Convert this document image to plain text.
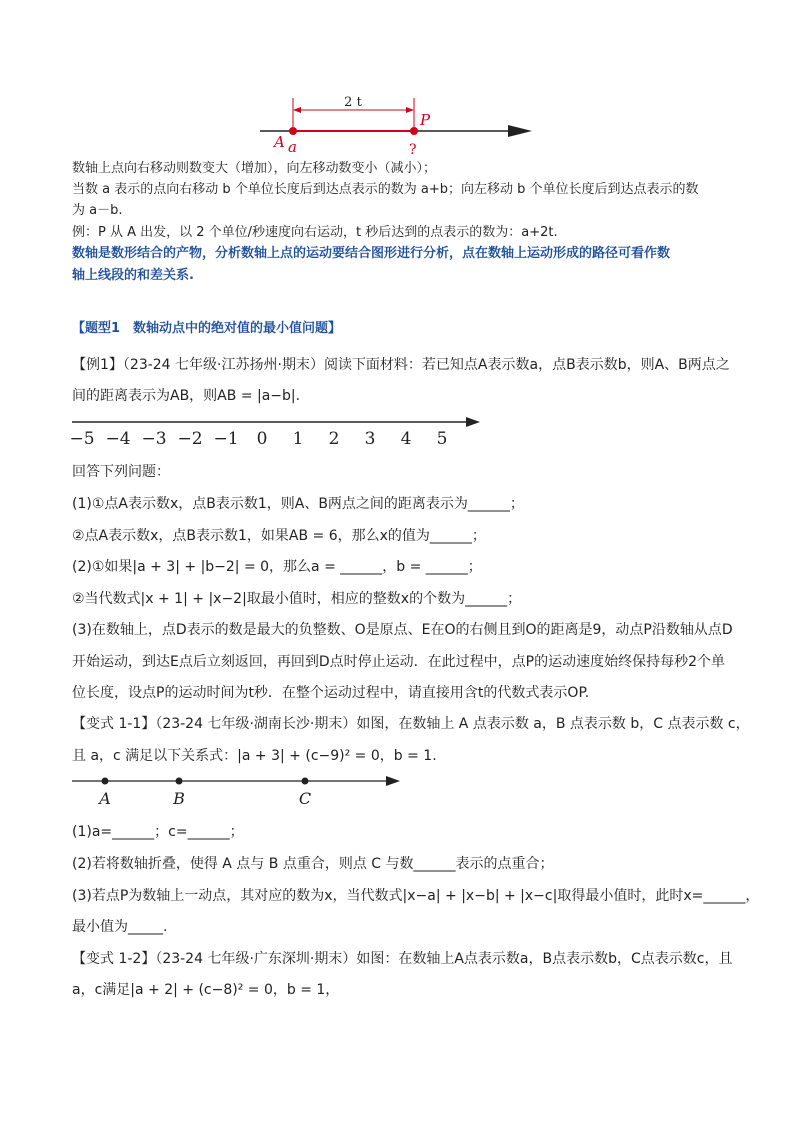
2 t
A a
P
?
数轴上点向右移动则数变大（增加），向左移动数变小（减小）；
当数 a 表示的点向右移动 b 个单位长度后到达点表示的数为 a+b；向左移动 b 个单位长度后到达点表示的数
为 a－b.
例：P 从 A 出发，以 2 个单位/秒速度向右运动，t 秒后达到的点表示的数为：a+2t.
数轴是数形结合的产物，分析数轴上点的运动要结合图形进行分析，点在数轴上运动形成的路径可看作数
轴上线段的和差关系.
【题型1　数轴动点中的绝对值的最小值问题】
【例1】（23-24 七年级·江苏扬州·期末）阅读下面材料：若已知点A表示数a，点B表示数b，则A、B两点之
间的距离表示为AB，则AB = |a−b|.
−5 −4 −3 −2 −1 0 1 2 3 4 5
回答下列问题：
(1)①点A表示数x，点B表示数1，则A、B两点之间的距离表示为______；
②点A表示数x，点B表示数1，如果AB = 6，那么x的值为______；
(2)①如果|a + 3| + |b−2| = 0，那么a = ______，b = ______；
②当代数式|x + 1| + |x−2|取最小值时，相应的整数x的个数为______；
(3)在数轴上，点D表示的数是最大的负整数、O是原点、E在O的右侧且到O的距离是9，动点P沿数轴从点D
开始运动，到达E点后立刻返回，再回到D点时停止运动．在此过程中，点P的运动速度始终保持每秒2个单
位长度，设点P的运动时间为t秒．在整个运动过程中，请直接用含t的代数式表示OP.
【变式 1-1】（23-24 七年级·湖南长沙·期末）如图，在数轴上 A 点表示数 a，B 点表示数 b，C 点表示数 c，
且 a，c 满足以下关系式：|a + 3| + (c−9)² = 0，b = 1.
A	B	C
(1)a=______；c=______；
(2)若将数轴折叠，使得 A 点与 B 点重合，则点 C 与数______表示的点重合；
(3)若点P为数轴上一动点，其对应的数为x，当代数式|x−a| + |x−b| + |x−c|取得最小值时，此时x=______，
最小值为_____.
【变式 1-2】（23-24 七年级·广东深圳·期末）如图：在数轴上A点表示数a，B点表示数b，C点表示数c，且
a，c满足|a + 2| + (c−8)² = 0，b = 1，
